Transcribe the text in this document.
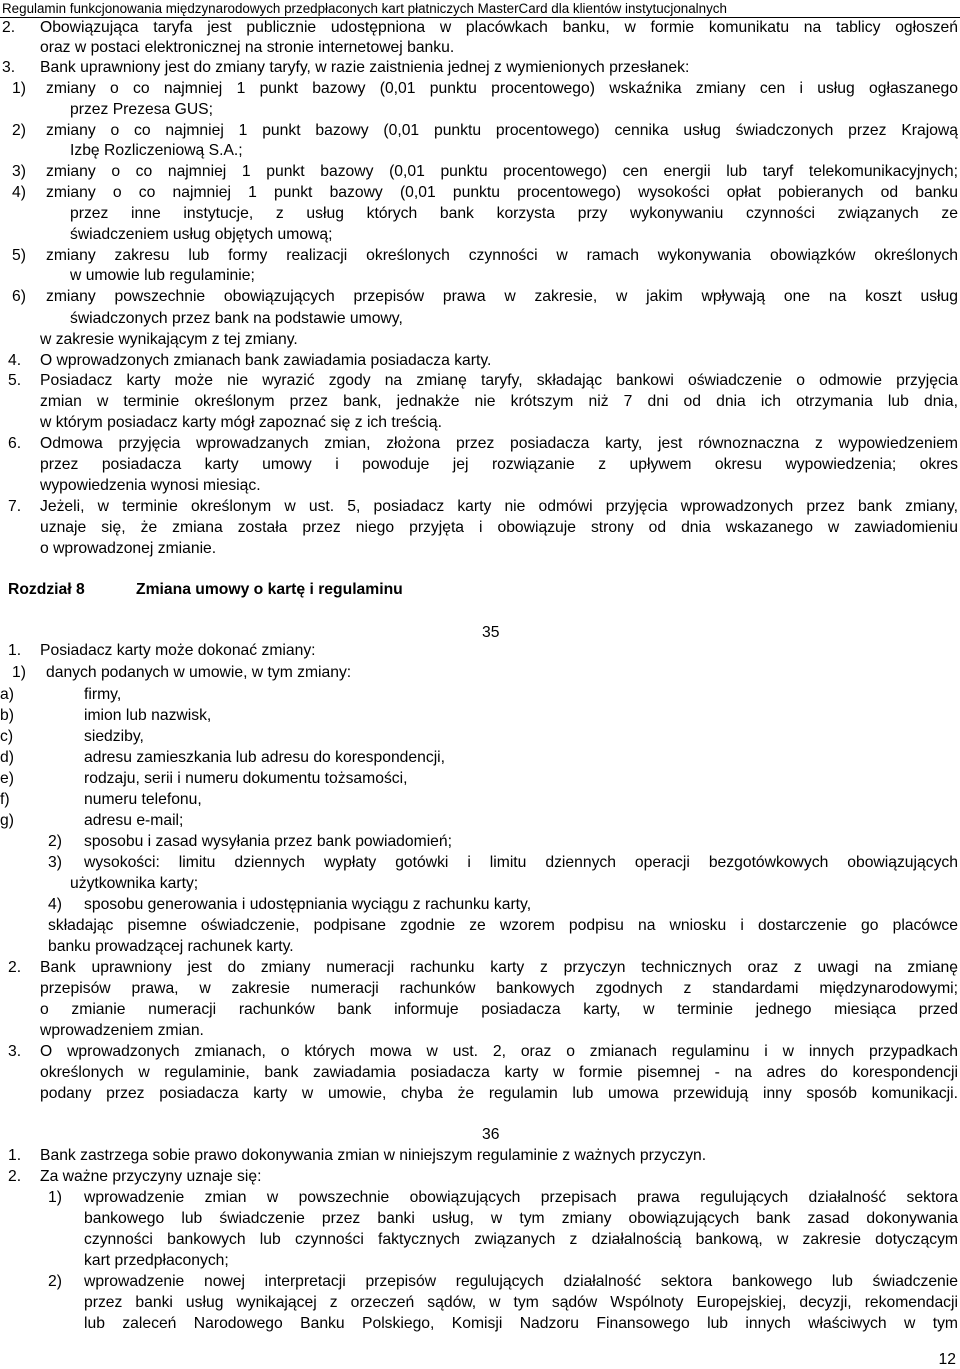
Regulamin funkcjonowania międzynarodowych przedpłaconych kart płatniczych MasterCard dla klientów instytucjonalnych
2. Obowiązująca taryfa jest publicznie udostępniona w placówkach banku, w formie komunikatu na tablicy ogłoszeń
oraz w postaci elektronicznej na stronie internetowej banku.
3. Bank uprawniony jest do zmiany taryfy, w razie zaistnienia jednej z wymienionych przesłanek:
1) zmiany o co najmniej 1 punkt bazowy (0,01 punktu procentowego) wskaźnika zmiany cen i usług ogłaszanego
przez Prezesa GUS;
2) zmiany o co najmniej 1 punkt bazowy (0,01 punktu procentowego) cennika usług świadczonych przez Krajową
Izbę Rozliczeniową S.A.;
3) zmiany o co najmniej 1 punkt bazowy (0,01 punktu procentowego) cen energii lub taryf telekomunikacyjnych;
4) zmiany o co najmniej 1 punkt bazowy (0,01 punktu procentowego) wysokości opłat pobieranych od banku
przez inne instytucje, z usług których bank korzysta przy wykonywaniu czynności związanych ze
świadczeniem usług objętych umową;
5) zmiany zakresu lub formy realizacji określonych czynności w ramach wykonywania obowiązków określonych
w umowie lub regulaminie;
6) zmiany powszechnie obowiązujących przepisów prawa w zakresie, w jakim wpływają one na koszt usług
świadczonych przez bank na podstawie umowy,
w zakresie wynikającym z tej zmiany.
4. O wprowadzonych zmianach bank zawiadamia posiadacza karty.
5. Posiadacz karty może nie wyrazić zgody na zmianę taryfy, składając bankowi oświadczenie o odmowie przyjęcia
zmian w terminie określonym przez bank, jednakże nie krótszym niż 7 dni od dnia ich otrzymania lub dnia,
w którym posiadacz karty mógł zapoznać się z ich treścią.
6. Odmowa przyjęcia wprowadzanych zmian, złożona przez posiadacza karty, jest równoznaczna z wypowiedzeniem
przez posiadacza karty umowy i powoduje jej rozwiązanie z upływem okresu wypowiedzenia; okres
wypowiedzenia wynosi miesiąc.
7. Jeżeli, w terminie określonym w ust. 5, posiadacz karty nie odmówi przyjęcia wprowadzonych przez bank zmiany,
uznaje się, że zmiana została przez niego przyjęta i obowiązuje strony od dnia wskazanego w zawiadomieniu
o wprowadzonej zmianie.
Rozdział 8	Zmiana umowy o kartę i regulaminu
35
1. Posiadacz karty może dokonać zmiany:
1) danych podanych w umowie, w tym zmiany:
a)	firmy,
b)	imion lub nazwisk,
c)	siedziby,
d)	adresu zamieszkania lub adresu do korespondencji,
e)	rodzaju, serii i numeru dokumentu tożsamości,
f)	numeru telefonu,
g)	adresu e-mail;
2) sposobu i zasad wysyłania przez bank powiadomień;
3) wysokości: limitu dziennych wypłaty gotówki i limitu dziennych operacji bezgotówkowych obowiązujących
użytkownika karty;
4) sposobu generowania i udostępniania wyciągu z rachunku karty,
składając pisemne oświadczenie, podpisane zgodnie ze wzorem podpisu na wniosku i dostarczenie go placówce
banku prowadzącej rachunek karty.
2. Bank uprawniony jest do zmiany numeracji rachunku karty z przyczyn technicznych oraz z uwagi na zmianę
przepisów prawa, w zakresie numeracji rachunków bankowych zgodnych z standardami międzynarodowymi;
o zmianie numeracji rachunków bank informuje posiadacza karty, w terminie jednego miesiąca przed
wprowadzeniem zmian.
3. O wprowadzonych zmianach, o których mowa w ust. 2, oraz o zmianach regulaminu i w innych przypadkach
określonych w regulaminie, bank zawiadamia posiadacza karty w formie pisemnej - na adres do korespondencji
podany przez posiadacza karty w umowie, chyba że regulamin lub umowa przewidują inny sposób komunikacji.
36
1. Bank zastrzega sobie prawo dokonywania zmian w niniejszym regulaminie z ważnych przyczyn.
2. Za ważne przyczyny uznaje się:
1) wprowadzenie zmian w powszechnie obowiązujących przepisach prawa regulujących działalność sektora
bankowego lub świadczenie przez banki usług, w tym zmiany obowiązujących bank zasad dokonywania
czynności bankowych lub czynności faktycznych związanych z działalnością bankową, w zakresie dotyczącym
kart przedpłaconych;
2) wprowadzenie nowej interpretacji przepisów regulujących działalność sektora bankowego lub świadczenie
przez banki usług wynikającej z orzeczeń sądów, w tym sądów Wspólnoty Europejskiej, decyzji, rekomendacji
lub zaleceń Narodowego Banku Polskiego, Komisji Nadzoru Finansowego lub innych właściwych w tym
12
